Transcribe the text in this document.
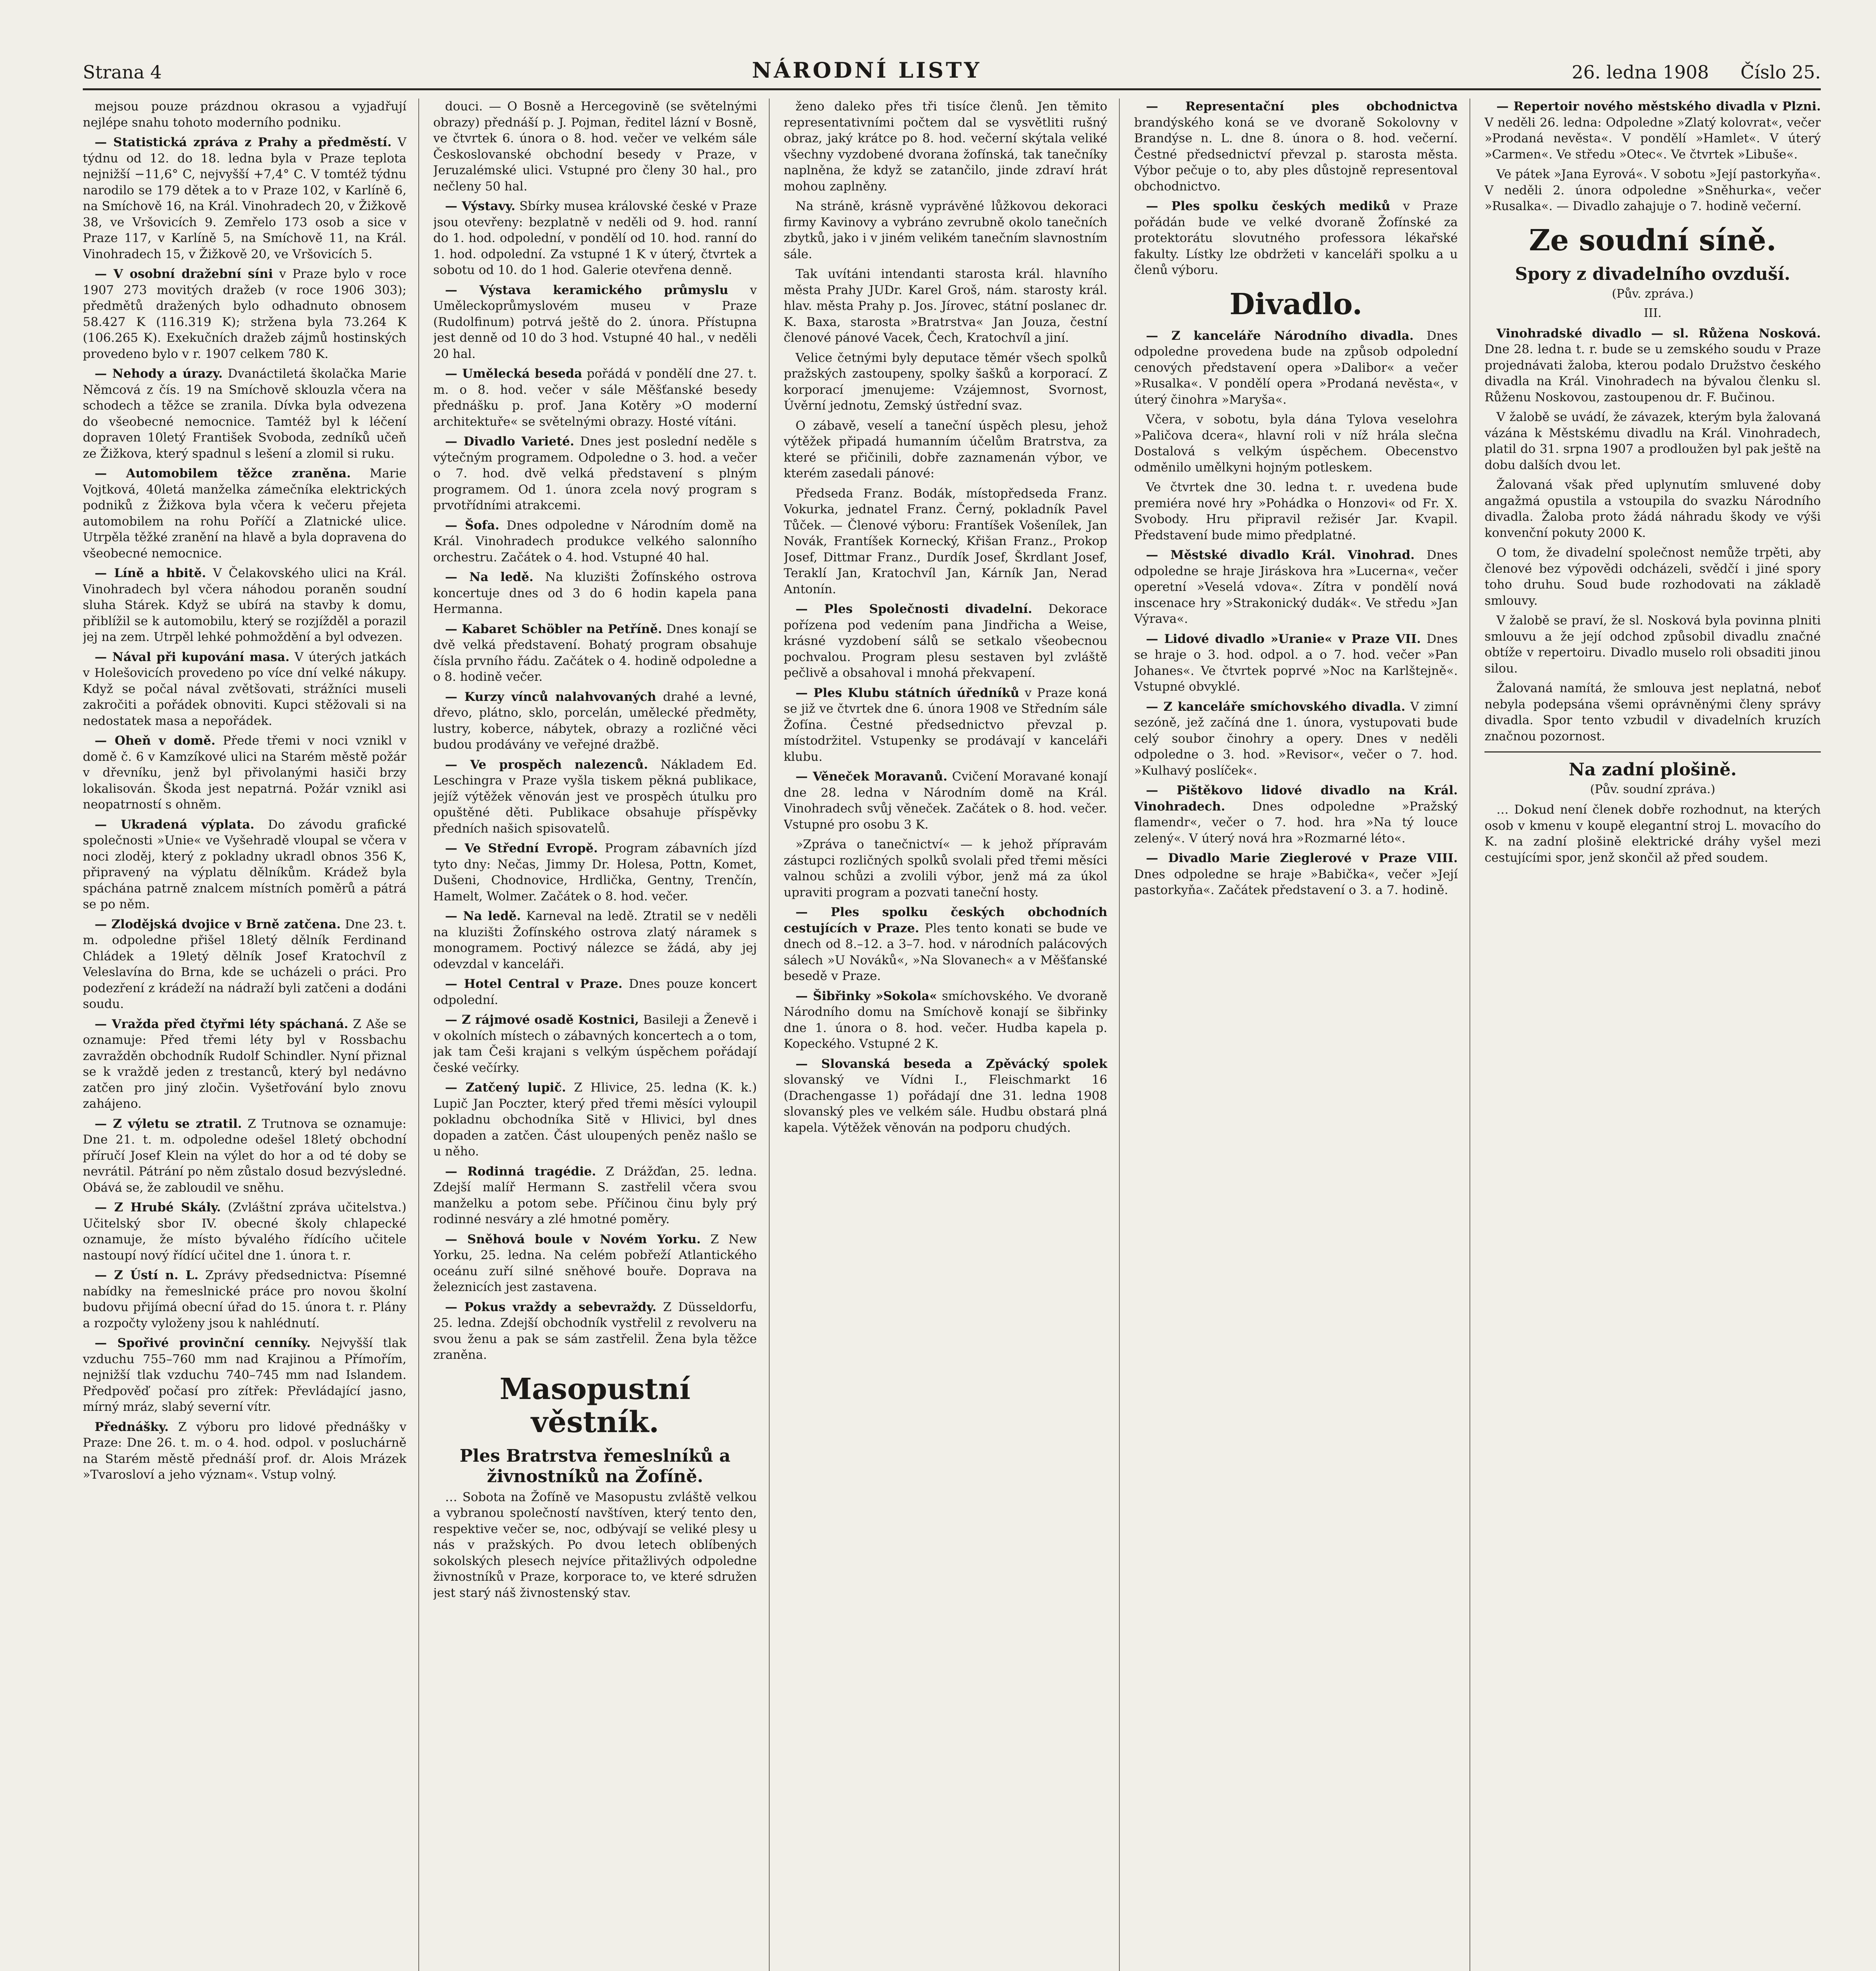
Strana 4	NÁRODNÍ LISTY	26. ledna 1908 Číslo 25.

mejsou pouze prázdnou okrasou a vyjadřují nejlépe snahu tohoto moderního podniku.

— Statistická zpráva z Prahy a předměstí. V týdnu od 12. do 18. ledna byla v Praze teplota nejnižší −11,6° C, nejvyšší +7,4° C. V tomtéž týdnu narodilo se 179 dětek a to v Praze 102, v Karlíně 6, na Smíchově 16, na Král. Vinohradech 20, v Žižkově 38, ve Vršovicích 9. Zemřelo 173 osob a sice v Praze 117, v Karlíně 5, na Smíchově 11, na Král. Vinohradech 15, v Žižkově 20, ve Vršovicích 5.

— V osobní dražební síni v Praze bylo v roce 1907 273 movitých dražeb (v roce 1906 303); předmětů dražených bylo odhadnuto obnosem 58.427 K (116.319 K); stržena byla 73.264 K (106.265 K). Exekučních dražeb zájmů hostinských provedeno bylo v r. 1907 celkem 780 K.

— Nehody a úrazy. Dvanáctiletá školačka Marie Němcová z čís. 19 na Smíchově sklouzla včera na schodech a těžce se zranila. Dívka byla odvezena do všeobecné nemocnice. Tamtéž byl k léčení dopraven 10letý František Svoboda, zedníků učeň ze Žižkova, který spadnul s lešení a zlomil si ruku.

— Automobilem těžce zraněna. Marie Vojtková, 40letá manželka zámečníka elektrických podniků z Žižkova byla včera k večeru přejeta automobilem na rohu Poříčí a Zlatnické ulice. Utrpěla těžké zranění na hlavě a byla dopravena do všeobecné nemocnice.

— Líně a hbitě. V Čelakovského ulici na Král. Vinohradech byl včera náhodou poraněn soudní sluha Stárek. Když se ubírá na stavby k domu, přiblížil se k automobilu, který se rozjížděl a porazil jej na zem. Utrpěl lehké pohmoždění a byl odvezen.

— Nával při kupování masa. V úterých jatkách v Holešovicích provedeno po více dní velké nákupy. Když se počal nával zvětšovati, strážníci museli zakročiti a pořádek obnoviti. Kupci stěžovali si na nedostatek masa a nepořádek.

— Oheň v domě. Přede třemi v noci vznikl v domě č. 6 v Kamzíkové ulici na Starém městě požár v dřevníku, jenž byl přivolanými hasiči brzy lokalisován. Škoda jest nepatrná. Požár vznikl asi neopatrností s ohněm.

— Ukradená výplata. Do závodu grafické společnosti »Unie« ve Vyšehradě vloupal se včera v noci zloděj, který z pokladny ukradl obnos 356 K, připravený na výplatu dělníkům. Krádež byla spáchána patrně znalcem místních poměrů a pátrá se po něm.

— Zlodějská dvojice v Brně zatčena. Dne 23. t. m. odpoledne přišel 18letý dělník Ferdinand Chládek a 19letý dělník Josef Kratochvíl z Veleslavína do Brna, kde se ucházeli o práci. Pro podezření z krádeží na nádraží byli zatčeni a dodáni soudu.

— Vražda před čtyřmi léty spáchaná. Z Aše se oznamuje: Před třemi léty byl v Rossbachu zavražděn obchodník Rudolf Schindler. Nyní přiznal se k vraždě jeden z trestanců, který byl nedávno zatčen pro jiný zločin. Vyšetřování bylo znovu zahájeno.

— Z výletu se ztratil. Z Trutnova se oznamuje: Dne 21. t. m. odpoledne odešel 18letý obchodní příručí Josef Klein na výlet do hor a od té doby se nevrátil. Pátrání po něm zůstalo dosud bezvýsledné. Obává se, že zabloudil ve sněhu.

— Z Hrubé Skály. (Zvláštní zpráva učitelstva.) Učitelský sbor IV. obecné školy chlapecké oznamuje, že místo bývalého řídícího učitele nastoupí nový řídící učitel dne 1. února t. r.

— Z Ústí n. L. Zprávy předsednictva: Písemné nabídky na řemeslnické práce pro novou školní budovu přijímá obecní úřad do 15. února t. r. Plány a rozpočty vyloženy jsou k nahlédnutí.

— Spořivé provinční cenníky. Nejvyšší tlak vzduchu 755–760 mm nad Krajinou a Přímořím, nejnižší tlak vzduchu 740–745 mm nad Islandem. Předpověď počasí pro zítřek: Převládající jasno, mírný mráz, slabý severní vítr.

Přednášky. Z výboru pro lidové přednášky v Praze: Dne 26. t. m. o 4. hod. odpol. v posluchárně na Starém městě přednáší prof. dr. Alois Mrázek »Tvarosloví a jeho význam«. Vstup volný.

douci. — O Bosně a Hercegovině (se světelnými obrazy) přednáší p. J. Pojman, ředitel lázní v Bosně, ve čtvrtek 6. února o 8. hod. večer ve velkém sále Českoslovanské obchodní besedy v Praze, v Jeruzalémské ulici. Vstupné pro členy 30 hal., pro nečleny 50 hal.

— Výstavy. Sbírky musea královské české v Praze jsou otevřeny: bezplatně v neděli od 9. hod. ranní do 1. hod. odpolední, v pondělí od 10. hod. ranní do 1. hod. odpolední. Za vstupné 1 K v úterý, čtvrtek a sobotu od 10. do 1 hod. Galerie otevřena denně.

— Výstava keramického průmyslu v Uměleckoprůmyslovém museu v Praze (Rudolfinum) potrvá ještě do 2. února. Přístupna jest denně od 10 do 3 hod. Vstupné 40 hal., v neděli 20 hal.

— Umělecká beseda pořádá v pondělí dne 27. t. m. o 8. hod. večer v sále Měšťanské besedy přednášku p. prof. Jana Kotěry »O moderní architektuře« se světelnými obrazy. Hosté vítáni.

— Divadlo Varieté. Dnes jest poslední neděle s výtečným programem. Odpoledne o 3. hod. a večer o 7. hod. dvě velká představení s plným programem. Od 1. února zcela nový program s prvotřídními atrakcemi.

— Šofa. Dnes odpoledne v Národním domě na Král. Vinohradech produkce velkého salonního orchestru. Začátek o 4. hod. Vstupné 40 hal.

— Na ledě. Na kluzišti Žofínského ostrova koncertuje dnes od 3 do 6 hodin kapela pana Hermanna.

— Kabaret Schöbler na Petříně. Dnes konají se dvě velká představení. Bohatý program obsahuje čísla prvního řádu. Začátek o 4. hodině odpoledne a o 8. hodině večer.

— Kurzy vínců nalahvovaných drahé a levné, dřevo, plátno, sklo, porcelán, umělecké předměty, lustry, koberce, nábytek, obrazy a rozličné věci budou prodávány ve veřejné dražbě.

— Ve prospěch nalezenců. Nákladem Ed. Leschingra v Praze vyšla tiskem pěkná publikace, jejíž výtěžek věnován jest ve prospěch útulku pro opuštěné děti. Publikace obsahuje příspěvky předních našich spisovatelů.

— Ve Střední Evropě. Program zábavních jízd tyto dny: Nečas, Jimmy Dr. Holesa, Pottn, Komet, Dušeni, Chodnovice, Hrdlička, Gentny, Trenčín, Hamelt, Wolmer. Začátek o 8. hod. večer.

— Na ledě. Karneval na ledě. Ztratil se v neděli na kluzišti Žofínského ostrova zlatý náramek s monogramem. Poctivý nálezce se žádá, aby jej odevzdal v kanceláři.

— Hotel Central v Praze. Dnes pouze koncert odpolední.

— Z rájmové osadě Kostnici, Basileji a Ženevě i v okolních místech o zábavných koncertech a o tom, jak tam Češi krajani s velkým úspěchem pořádají české večírky.

— Zatčený lupič. Z Hlivice, 25. ledna (K. k.) Lupič Jan Poczter, který před třemi měsíci vyloupil pokladnu obchodníka Sitě v Hlivici, byl dnes dopaden a zatčen. Část uloupených peněz našlo se u něho.

— Rodinná tragédie. Z Drážďan, 25. ledna. Zdejší malíř Hermann S. zastřelil včera svou manželku a potom sebe. Příčinou činu byly prý rodinné nesváry a zlé hmotné poměry.

— Sněhová boule v Novém Yorku. Z New Yorku, 25. ledna. Na celém pobřeží Atlantického oceánu zuří silné sněhové bouře. Doprava na železnicích jest zastavena.

— Pokus vraždy a sebevraždy. Z Düsseldorfu, 25. ledna. Zdejší obchodník vystřelil z revolveru na svou ženu a pak se sám zastřelil. Žena byla těžce zraněna.

Masopustní věstník.
Ples Bratrstva řemeslníků a živnostníků na Žofíně.

… Sobota na Žofíně ve Masopustu zvláště velkou a vybranou společností navštíven, který tento den, respektive večer se, noc, odbývají se veliké plesy u nás v pražských. Po dvou letech oblíbených sokolských plesech nejvíce přitažlivých odpoledne živnostníků v Praze, korporace to, ve které sdružen jest starý náš živnostenský stav.

ženo daleko přes tři tisíce členů. Jen těmito representativními počtem dal se vysvětliti rušný obraz, jaký krátce po 8. hod. večerní skýtala veliké všechny vyzdobené dvorana žofínská, tak tanečníky naplněna, že když se zatančilo, jinde zdraví hrát mohou zaplněny.

Na stráně, krásně vyprávěné lůžkovou dekoraci firmy Kavinovy a vybráno zevrubně okolo tanečních zbytků, jako i v jiném velikém tanečním slavnostním sále.

Tak uvítáni intendanti starosta král. hlavního města Prahy JUDr. Karel Groš, nám. starosty král. hlav. města Prahy p. Jos. Jírovec, státní poslanec dr. K. Baxa, starosta »Bratrstva« Jan Jouza, čestní členové pánové Vacek, Čech, Kratochvíl a jiní.

Velice četnými byly deputace těmér všech spolků pražských zastoupeny, spolky šašků a korporací. Z korporací jmenujeme: Vzájemnost, Svornost, Úvěrní jednotu, Zemský ústřední svaz.

O zábavě, veselí a taneční úspěch plesu, jehož výtěžek připadá humanním účelům Bratrstva, za které se přičinili, dobře zaznamenán výbor, ve kterém zasedali pánové:

Předseda Franz. Bodák, místopředseda Franz. Vokurka, jednatel Franz. Černý, pokladník Pavel Tůček. — Členové výboru: Frantíšek Vošenílek, Jan Novák, Frantíšek Kornecký, Křišan Franz., Prokop Josef, Dittmar Franz., Durdík Josef, Škrdlant Josef, Teraklí Jan, Kratochvíl Jan, Kárník Jan, Nerad Antonín.

— Ples Společnosti divadelní. Dekorace pořízena pod vedením pana Jindřicha a Weise, krásné vyzdobení sálů se setkalo všeobecnou pochvalou. Program plesu sestaven byl zvláště pečlivě a obsahoval i mnohá překvapení.

— Ples Klubu státních úředníků v Praze koná se již ve čtvrtek dne 6. února 1908 ve Středním sále Žofína. Čestné předsednictvo převzal p. místodržitel. Vstupenky se prodávají v kanceláři klubu.

— Věneček Moravanů. Cvičení Moravané konají dne 28. ledna v Národním domě na Král. Vinohradech svůj věneček. Začátek o 8. hod. večer. Vstupné pro osobu 3 K.

»Zpráva o tanečnictví« — k jehož přípravám zástupci rozličných spolků svolali před třemi měsíci valnou schůzi a zvolili výbor, jenž má za úkol upraviti program a pozvati taneční hosty.

— Ples spolku českých obchodních cestujících v Praze. Ples tento konati se bude ve dnech od 8.–12. a 3–7. hod. v národních palácových sálech »U Nováků«, »Na Slovanech« a v Měšťanské besedě v Praze.

— Šibřinky »Sokola« smíchovského. Ve dvoraně Národního domu na Smíchově konají se šibřinky dne 1. února o 8. hod. večer. Hudba kapela p. Kopeckého. Vstupné 2 K.

— Slovanská beseda a Zpěvácký spolek slovanský ve Vídni I., Fleischmarkt 16 (Drachengasse 1) pořádají dne 31. ledna 1908 slovanský ples ve velkém sále. Hudbu obstará plná kapela. Výtěžek věnován na podporu chudých.

— Representační ples obchodnictva brandýského koná se ve dvoraně Sokolovny v Brandýse n. L. dne 8. února o 8. hod. večerní. Čestné předsednictví převzal p. starosta města. Výbor pečuje o to, aby ples důstojně representoval obchodnictvo.

— Ples spolku českých mediků v Praze pořádán bude ve velké dvoraně Žofínské za protektorátu slovutného professora lékařské fakulty. Lístky lze obdržeti v kanceláři spolku a u členů výboru.

Divadlo.

— Z kanceláře Národního divadla. Dnes odpoledne provedena bude na způsob odpolední cenových představení opera »Dalibor« a večer »Rusalka«. V pondělí opera »Prodaná nevěsta«, v úterý činohra »Maryša«.

Včera, v sobotu, byla dána Tylova veselohra »Paličova dcera«, hlavní roli v níž hrála slečna Dostalová s velkým úspěchem. Obecenstvo odměnilo umělkyni hojným potleskem.

Ve čtvrtek dne 30. ledna t. r. uvedena bude premiéra nové hry »Pohádka o Honzovi« od Fr. X. Svobody. Hru připravil režisér Jar. Kvapil. Představení bude mimo předplatné.

— Městské divadlo Král. Vinohrad. Dnes odpoledne se hraje Jiráskova hra »Lucerna«, večer operetní »Veselá vdova«. Zítra v pondělí nová inscenace hry »Strakonický dudák«. Ve středu »Jan Výrava«.

— Lidové divadlo »Uranie« v Praze VII. Dnes se hraje o 3. hod. odpol. a o 7. hod. večer »Pan Johanes«. Ve čtvrtek poprvé »Noc na Karlštejně«. Vstupné obvyklé.

— Z kanceláře smíchovského divadla. V zimní sezóně, jež začíná dne 1. února, vystupovati bude celý soubor činohry a opery. Dnes v neděli odpoledne o 3. hod. »Revisor«, večer o 7. hod. »Kulhavý poslíček«.

— Pištěkovo lidové divadlo na Král. Vinohradech. Dnes odpoledne »Pražský flamendr«, večer o 7. hod. hra »Na tý louce zelený«. V úterý nová hra »Rozmarné léto«.

— Divadlo Marie Zieglerové v Praze VIII. Dnes odpoledne se hraje »Babička«, večer »Její pastorkyňa«. Začátek představení o 3. a 7. hodině.

— Repertoir nového městského divadla v Plzni. V neděli 26. ledna: Odpoledne »Zlatý kolovrat«, večer »Prodaná nevěsta«. V pondělí »Hamlet«. V úterý »Carmen«. Ve středu »Otec«. Ve čtvrtek »Libuše«.

Ve pátek »Jana Eyrová«. V sobotu »Její pastorkyňa«. V neděli 2. února odpoledne »Sněhurka«, večer »Rusalka«. — Divadlo zahajuje o 7. hodině večerní.

Ze soudní síně.
Spory z divadelního ovzduší.
(Pův. zpráva.)
III.

Vinohradské divadlo — sl. Růžena Nosková. Dne 28. ledna t. r. bude se u zemského soudu v Praze projednávati žaloba, kterou podalo Družstvo českého divadla na Král. Vinohradech na bývalou členku sl. Růženu Noskovou, zastoupenou dr. F. Bučinou.

V žalobě se uvádí, že závazek, kterým byla žalovaná vázána k Městskému divadlu na Král. Vinohradech, platil do 31. srpna 1907 a prodloužen byl pak ještě na dobu dalších dvou let.

Žalovaná však před uplynutím smluvené doby angažmá opustila a vstoupila do svazku Národního divadla. Žaloba proto žádá náhradu škody ve výši konvenční pokuty 2000 K.

O tom, že divadelní společnost nemůže trpěti, aby členové bez výpovědi odcházeli, svědčí i jiné spory toho druhu. Soud bude rozhodovati na základě smlouvy.

V žalobě se praví, že sl. Nosková byla povinna plniti smlouvu a že její odchod způsobil divadlu značné obtíže v repertoiru. Divadlo muselo roli obsaditi jinou silou.

Žalovaná namítá, že smlouva jest neplatná, neboť nebyla podepsána všemi oprávněnými členy správy divadla. Spor tento vzbudil v divadelních kruzích značnou pozornost.

Na zadní plošině.
(Pův. soudní zpráva.)

… Dokud není členek dobře rozhodnut, na kterých osob v kmenu v koupě elegantní stroj L. movacího do K. na zadní plošině elektrické dráhy vyšel mezi cestujícími spor, jenž skončil až před soudem.
